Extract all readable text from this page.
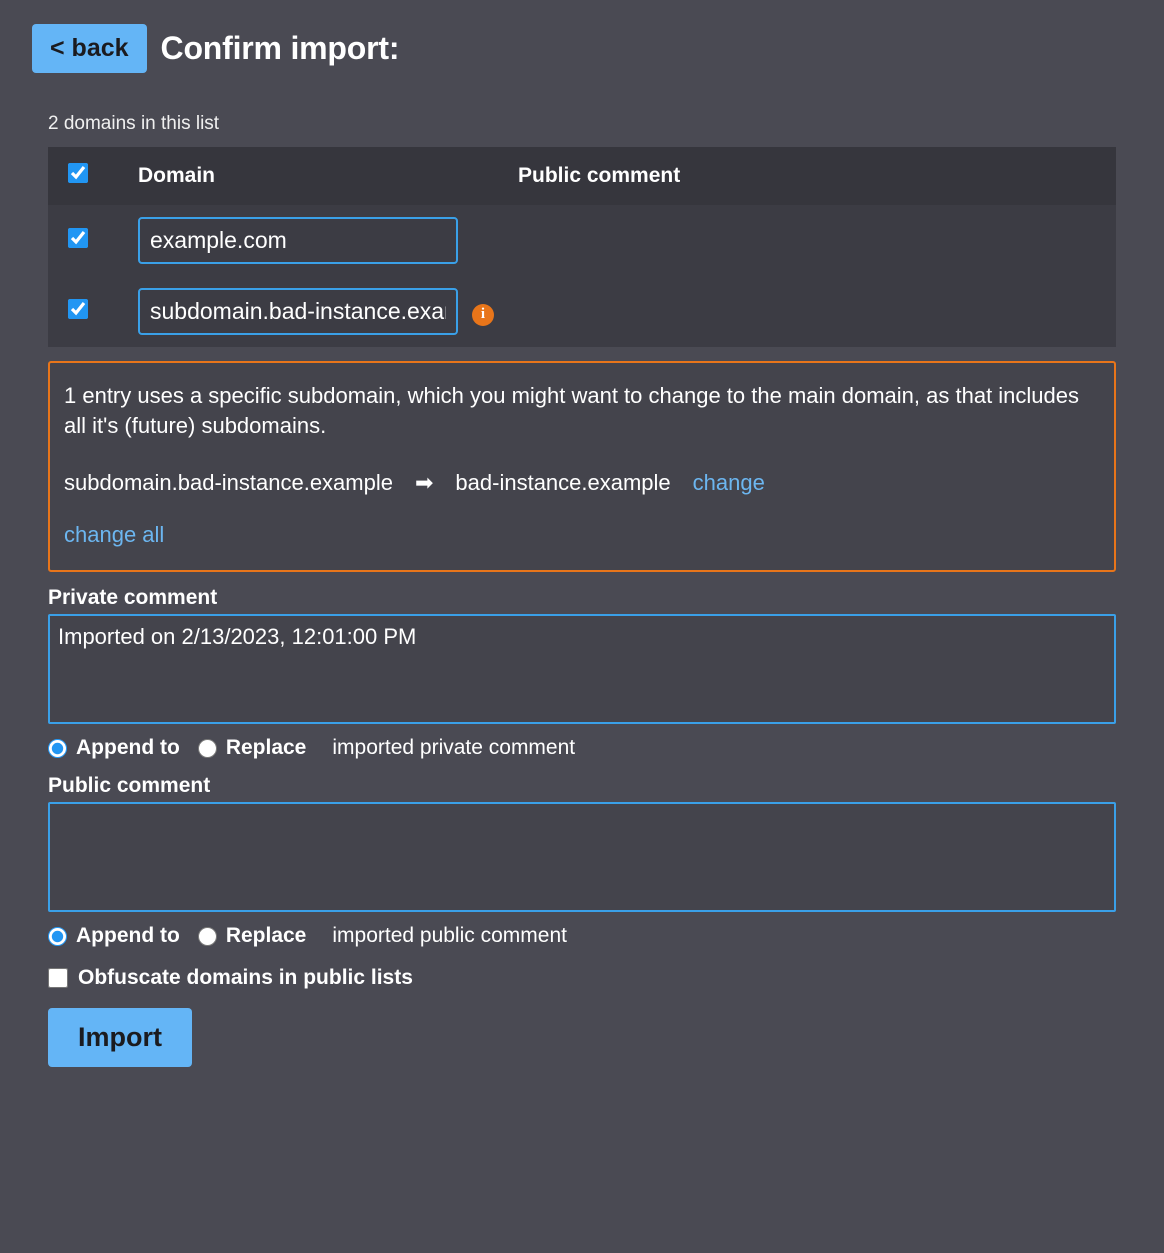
< back	Confirm import:
2 domains in this list
	Domain	Public comment
	example.com	
	subdomain.bad-instance.examplei	
1 entry uses a specific subdomain, which you might want to change to the main domain, as that includes all it's (future) subdomains.
subdomain.bad-instance.example ➡ bad-instance.example change
change all
Private comment
Imported on 2/13/2023, 12:01:00 PM
Append to Replace imported private comment
Public comment
Append to Replace imported public comment
Obfuscate domains in public lists
Import
